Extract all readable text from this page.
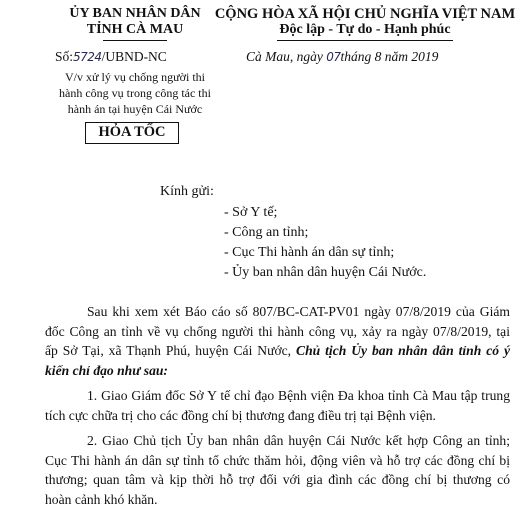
ỦY BAN NHÂN DÂN
TỈNH CÀ MAU
CỘNG HÒA XÃ HỘI CHỦ NGHĨA VIỆT NAM
Độc lập - Tự do - Hạnh phúc
Số:5724/UBND-NC	Cà Mau, ngày 07tháng 8 năm 2019
V/v xử lý vụ chống người thi
hành công vụ trong công tác thi
hành án tại huyện Cái Nước
HỎA TỐC
Kính gửi:
- Sở Y tế;
- Công an tỉnh;
- Cục Thi hành án dân sự tỉnh;
- Ủy ban nhân dân huyện Cái Nước.
Sau khi xem xét Báo cáo số 807/BC-CAT-PV01 ngày 07/8/2019 của Giám
đốc Công an tỉnh về vụ chống người thi hành công vụ, xảy ra ngày 07/8/2019, tại
ấp Sở Tại, xã Thạnh Phú, huyện Cái Nước, Chủ tịch Ủy ban nhân dân tỉnh có ý
kiến chỉ đạo như sau:
1. Giao Giám đốc Sở Y tế chỉ đạo Bệnh viện Đa khoa tỉnh Cà Mau tập trung
tích cực chữa trị cho các đồng chí bị thương đang điều trị tại Bệnh viện.
2. Giao Chủ tịch Ủy ban nhân dân huyện Cái Nước kết hợp Công an tỉnh;
Cục Thi hành án dân sự tỉnh tổ chức thăm hỏi, động viên và hỗ trợ các đồng chí bị
thương; quan tâm và kịp thời hỗ trợ đối với gia đình các đồng chí bị thương có
hoàn cảnh khó khăn.
